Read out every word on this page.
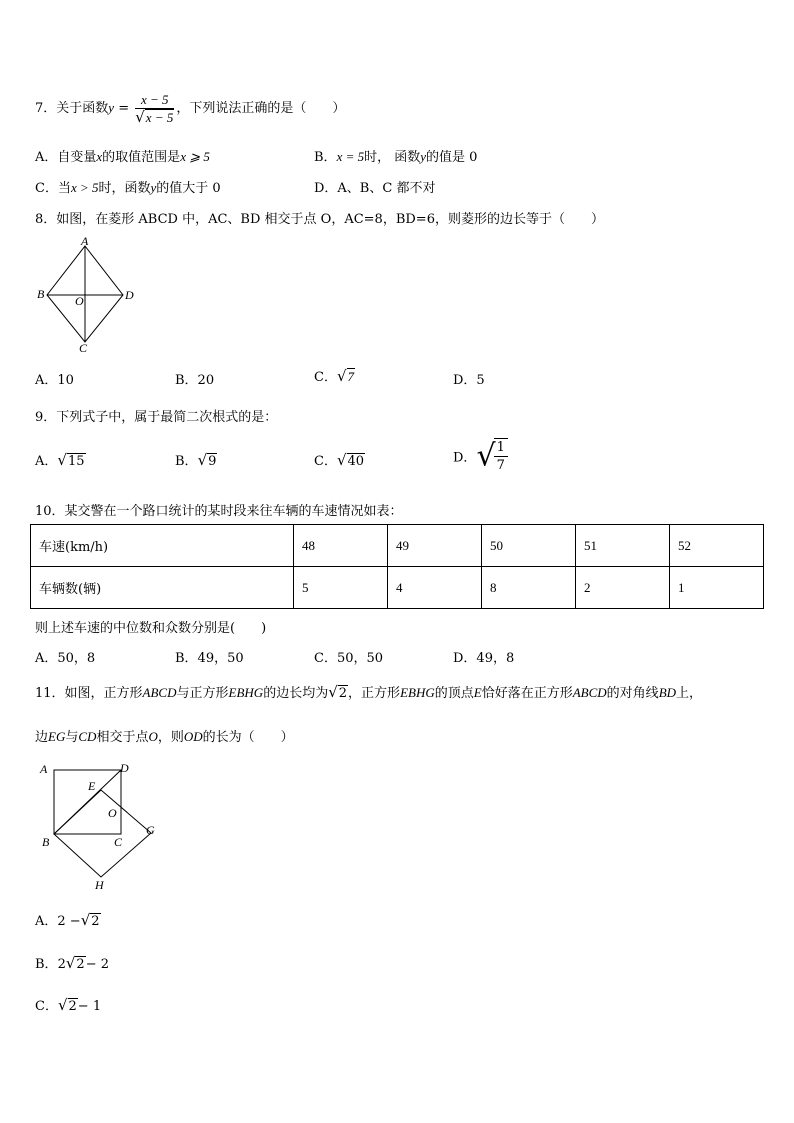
7．关于函数$y = \frac{x - 5}{√x - 5}$ ，下列说法正确的是（　　）
A．自变量x的取值范围是x ⩾ 5	B．x = 5时， 函数y的值是 0
C．当x > 5时，函数y的值大于 0	D．A、B、C 都不对
8．如图，在菱形 ABCD 中，AC、BD 相交于点 O，AC=8，BD=6，则菱形的边长等于（　　）
A
B	D
O
C
A．10	B．20	C．√7	D．5
9．下列式子中，属于最简二次根式的是：
A．√15	B．√9	C．√40	D．√
$\frac{1}{7}$
10．某交警在一个路口统计的某时段来往车辆的车速情况如表：
车速(km/h)	48	49	50	51	52
车辆数(辆)	5	4	8	2	1
则上述车速的中位数和众数分别是(　　)
A．50，8	B．49，50	C．50，50	D．49，8
11．如图，正方形ABCD与正方形EBHG的边长均为√2，正方形EBHG的顶点E恰好落在正方形ABCD的对角线BD上，
边EG与CD相交于点O，则OD的长为（　　）
A	D
E
O
B	C
G
H
A．2 −√2
B．2√2− 2
C．√2− 1
